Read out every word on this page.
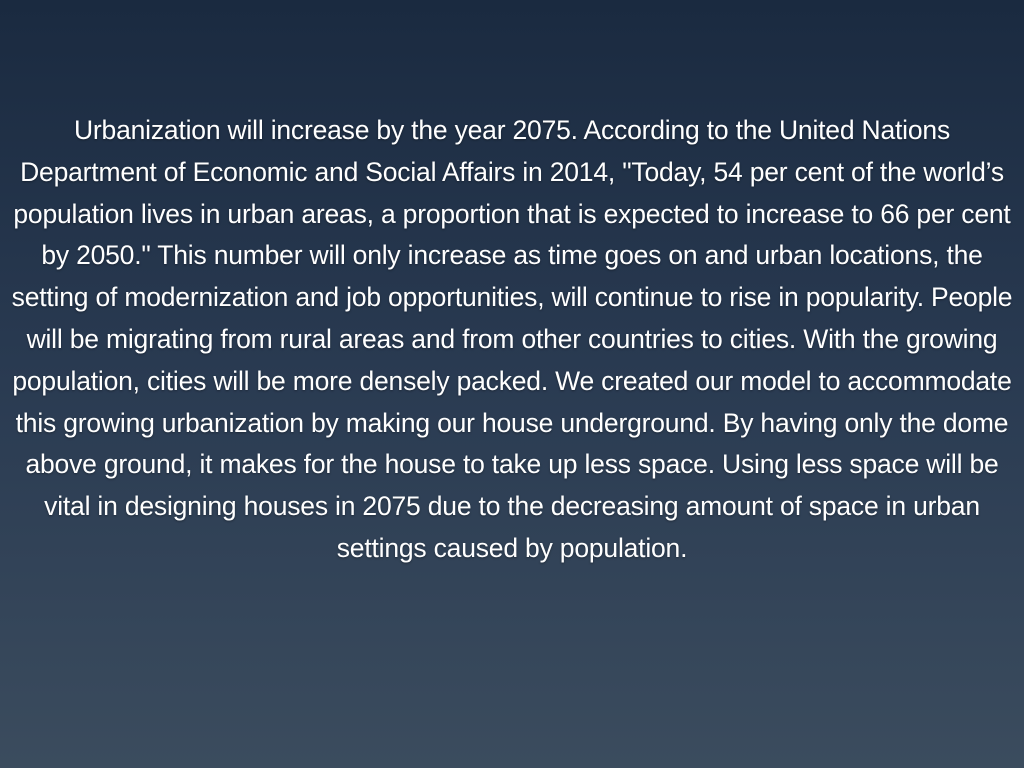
Urbanization will increase by the year 2075. According to the United Nations Department of Economic and Social Affairs in 2014, "Today, 54 per cent of the world’s population lives in urban areas, a proportion that is expected to increase to 66 per cent by 2050." This number will only increase as time goes on and urban locations, the setting of modernization and job opportunities, will continue to rise in popularity. People will be migrating from rural areas and from other countries to cities. With the growing population, cities will be more densely packed. We created our model to accommodate this growing urbanization by making our house underground. By having only the dome above ground, it makes for the house to take up less space. Using less space will be vital in designing houses in 2075 due to the decreasing amount of space in urban settings caused by population.
